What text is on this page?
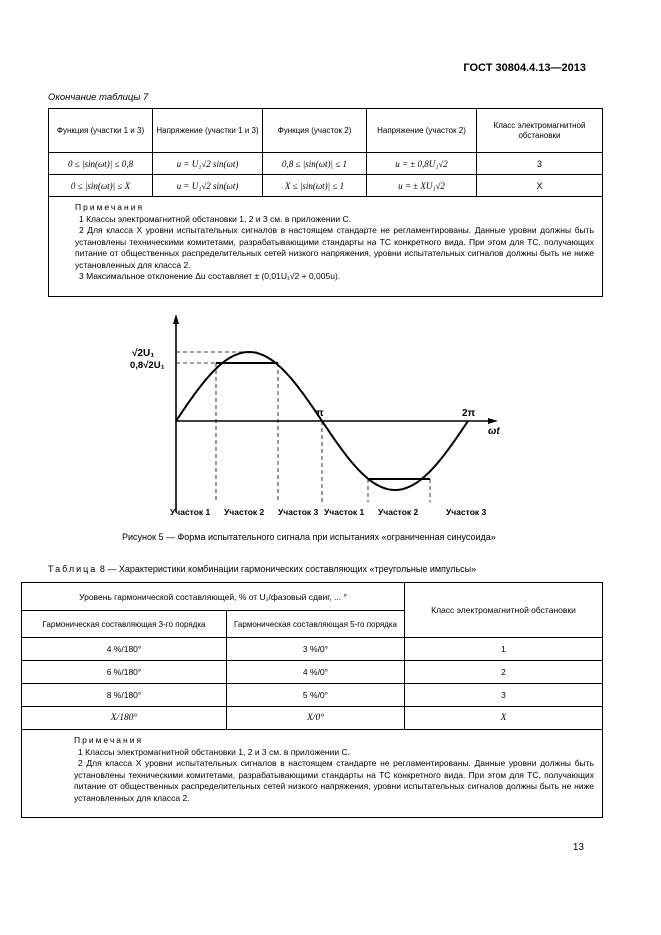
ГОСТ 30804.4.13—2013
Окончание таблицы 7
Функция (участки 1 и 3)	Напряжение (участки 1 и 3)	Функция (участок 2)	Напряжение (участок 2)	Класс электромагнитной обстановки
0 ≤ |sin(ωt)| ≤ 0,8	u = U₁√2 sin(ωt)	0,8 ≤ |sin(ωt)| ≤ 1	u = ± 0,8U₁√2	3
0 ≤ |sin(ωt)| ≤ X	u = U₁√2 sin(ωt)	X ≤ |sin(ωt)| ≤ 1	u = ± XU₁√2	X

Примечания

1 Классы электромагнитной обстановки 1, 2 и 3 см. в приложении С.

2 Для класса X уровни испытательных сигналов в настоящем стандарте не регламентированы. Данные уровни должны быть установлены техническими комитетами, разрабатывающими стандарты на ТС конкретного вида. При этом для ТС, получающих питание от общественных распределительных сетей низкого напряжения, уровни испытательных сигналов должны быть не ниже установленных для класса 2.

3 Максимальное отклонение Δu составляет ± (0,01U₁√2 + 0,005u).				

√2U₁
0,8√2U₁
π	2π
ωt
Участок 1 Участок 2 Участок 3 Участок 1 Участок 2	Участок 3
Рисунок 5 — Форма испытательного сигнала при испытаниях «ограниченная синусоида»
Таблица 8 — Характеристики комбинации гармонических составляющих «треугольные импульсы»
Уровень гармонической составляющей, % от U₁/фазовый сдвиг, ... °		Класс электромагнитной обстановки
Гармоническая составляющая 3-го порядка	Гармоническая составляющая 5-го порядка	
4 %/180°	3 %/0°	1
6 %/180°	4 %/0°	2
8 %/180°	5 %/0°	3
X/180°	X/0°	X

Примечания

1 Классы электромагнитной обстановки 1, 2 и 3 см. в приложении С.

2 Для класса X уровни испытательных сигналов в настоящем стандарте не регламентированы. Данные уровни должны быть установлены техническими комитетами, разрабатывающими стандарты на ТС конкретного вида. При этом для ТС, получающих питание от общественных распределительных сетей низкого напряжения, уровни испытательных сигналов должны быть не ниже установленных для класса 2.		

13
